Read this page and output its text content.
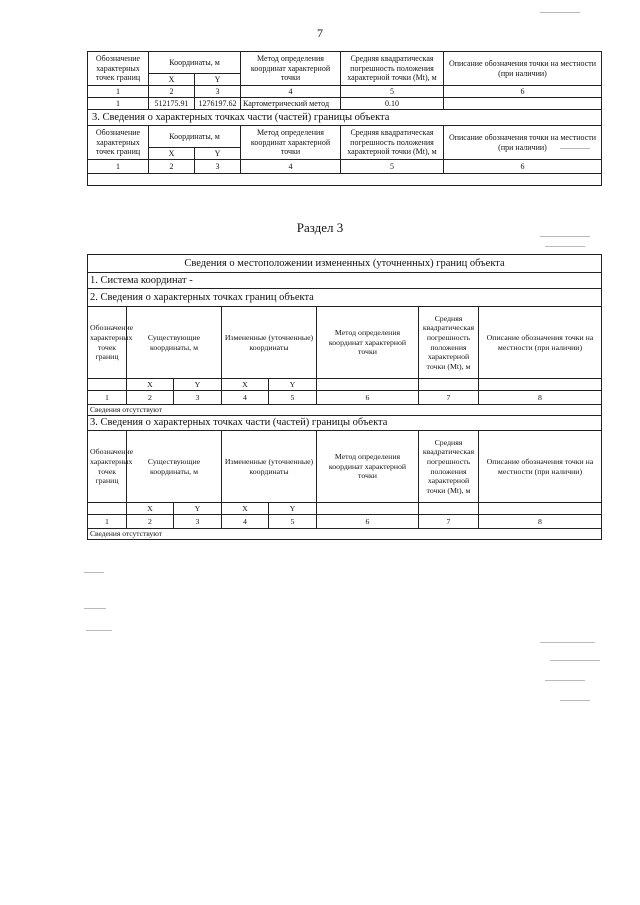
7
Обозначение характерных точек границ	Координаты, м		Метод определения координат характерной точки	Средняя квадратическая погрешность положения характерной точки (Mt), м	Описание обозначения точки на местности (при наличии)
	X	Y			
1	2	3	4	5	6
1	512175.91	1276197.62	Картометрический метод	0.10	
3. Сведения о характерных точках части (частей) границы объекта					
Обозначение характерных точек границ	Координаты, м		Метод определения координат характерной точки	Средняя квадратическая погрешность положения характерной точки (Mt), м	Описание обозначения точки на местности (при наличии)
	X	Y			
1	2	3	4	5	6

Раздел 3
Сведения о местоположении измененных (уточненных) границ объекта							
1. Система координат -							
2. Сведения о характерных точках границ объекта							
Обозначение характерных точек границ	Существующие координаты, м		Измененные (уточненные) координаты		Метод определения координат характерной точки	Средняя квадратическая погрешность положения характерной точки (Mt), м	Описание обозначения точки на местности (при наличии)
	X	Y	X	Y			
1	2	3	4	5	6	7	8
Сведения отсутствуют							
3. Сведения о характерных точках части (частей) границы объекта							
Обозначение характерных точек границ	Существующие координаты, м		Измененные (уточненные) координаты		Метод определения координат характерной точки	Средняя квадратическая погрешность положения характерной точки (Mt), м	Описание обозначения точки на местности (при наличии)
	X	Y	X	Y			
1	2	3	4	5	6	7	8
Сведения отсутствуют							
